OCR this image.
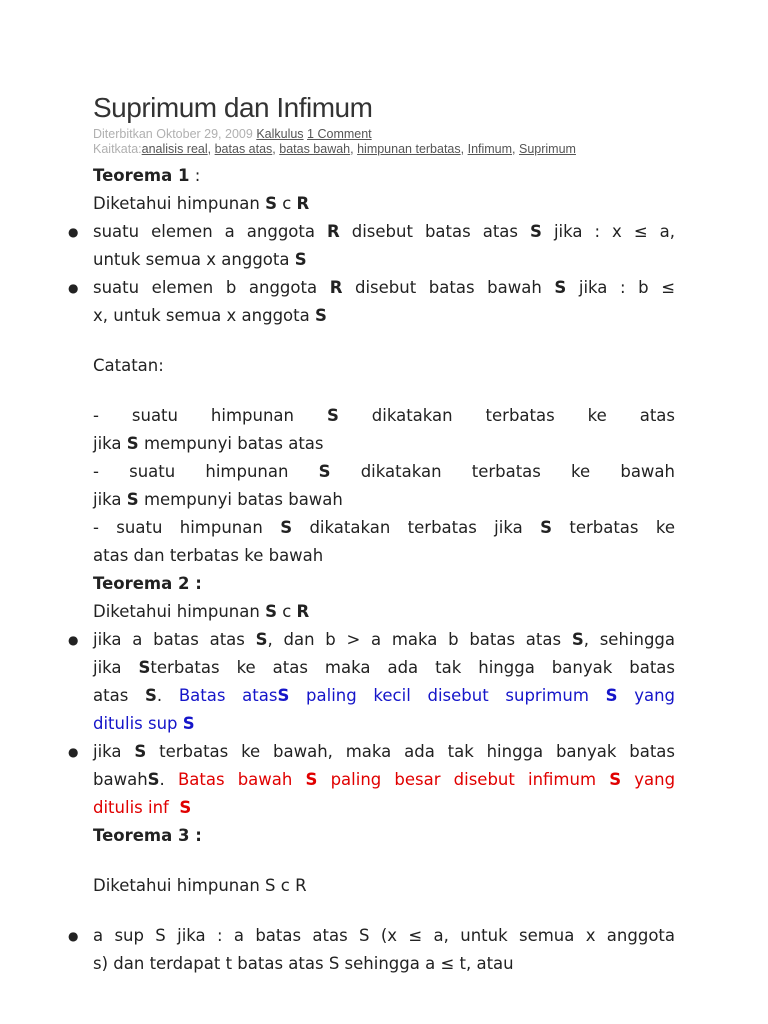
Suprimum dan Infimum
Diterbitkan Oktober 29, 2009 Kalkulus 1 Comment
Kaitkata:analisis real, batas atas, batas bawah, himpunan terbatas, Infimum, Suprimum
Teorema 1 :
Diketahui himpunan S c R
● suatu elemen a anggota R disebut batas atas S jika : x ≤ a,
untuk semua x anggota S
● suatu elemen b anggota R disebut batas bawah S jika : b ≤
x, untuk semua x anggota S
Catatan:
- suatu himpunan S dikatakan terbatas ke atas
jika S mempunyi batas atas
- suatu himpunan S dikatakan terbatas ke bawah
jika S mempunyi batas bawah
- suatu himpunan S dikatakan terbatas jika S terbatas ke
atas dan terbatas ke bawah
Teorema 2 :
Diketahui himpunan S c R
● jika a batas atas S, dan b > a maka b batas atas S, sehingga
jika Sterbatas ke atas maka ada tak hingga banyak batas
atas S. Batas atasS paling kecil disebut suprimum S yang
ditulis sup S
● jika S terbatas ke bawah, maka ada tak hingga banyak batas
bawahS. Batas bawah S paling besar disebut infimum S yang
ditulis inf S
Teorema 3 :
Diketahui himpunan S c R
● a sup S jika : a batas atas S (x ≤ a, untuk semua x anggota
s) dan terdapat t batas atas S sehingga a ≤ t, atau
